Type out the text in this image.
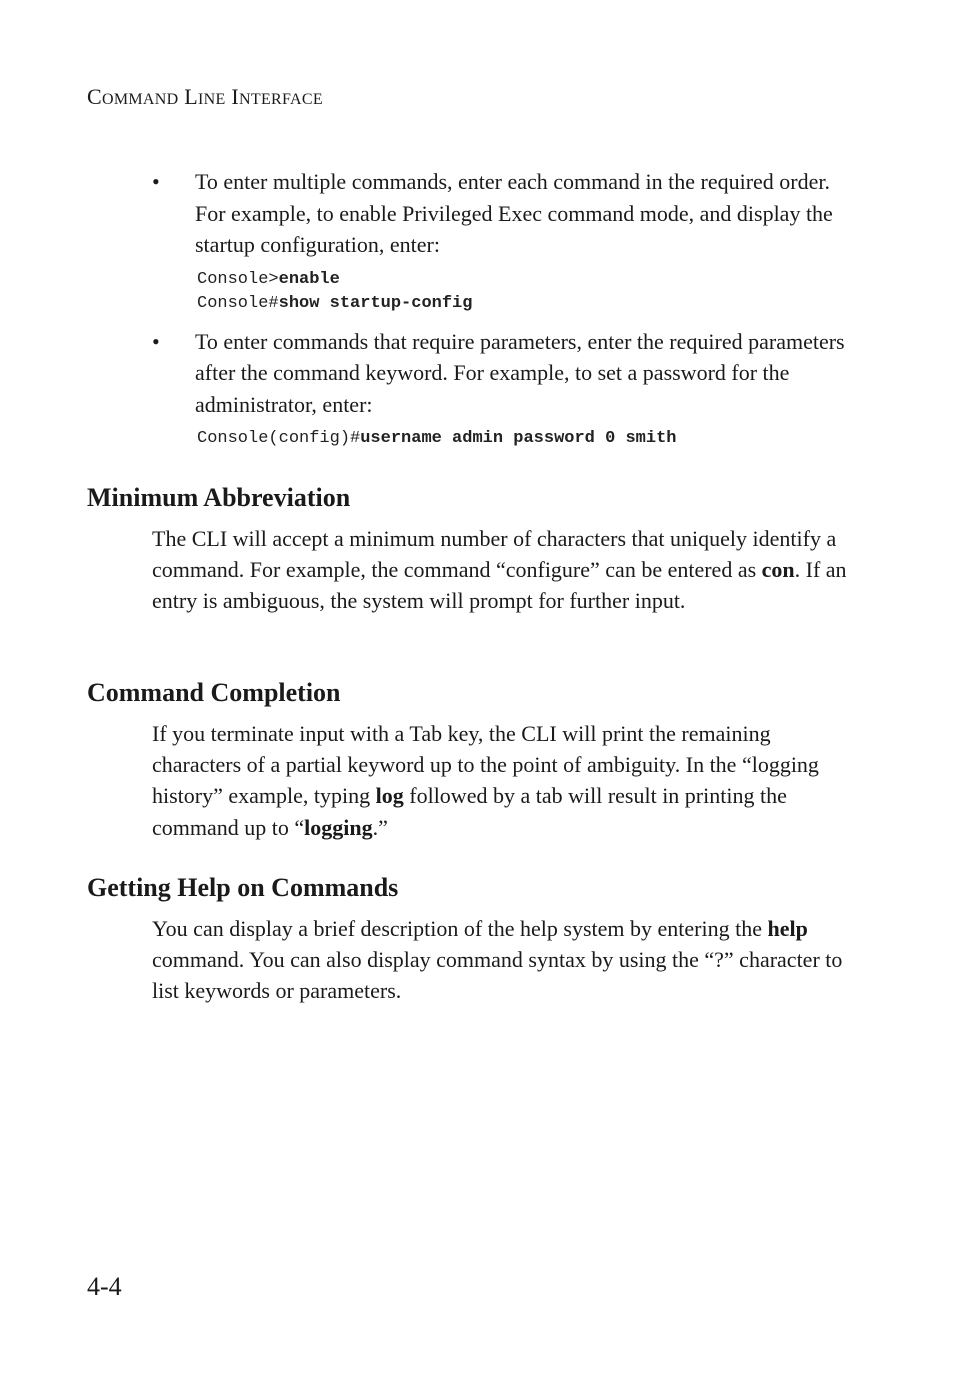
COMMAND LINE INTERFACE
• To enter multiple commands, enter each command in the required order. For example, to enable Privileged Exec command mode, and display the startup configuration, enter:
Console>enable
Console#show startup-config
• To enter commands that require parameters, enter the required parameters after the command keyword. For example, to set a password for the administrator, enter:
Console(config)#username admin password 0 smith
Minimum Abbreviation
The CLI will accept a minimum number of characters that uniquely identify a command. For example, the command “configure” can be entered as con. If an entry is ambiguous, the system will prompt for further input.
Command Completion
If you terminate input with a Tab key, the CLI will print the remaining characters of a partial keyword up to the point of ambiguity. In the “logging history” example, typing log followed by a tab will result in printing the command up to “logging.”
Getting Help on Commands
You can display a brief description of the help system by entering the help command. You can also display command syntax by using the “?” character to list keywords or parameters.
4-4
